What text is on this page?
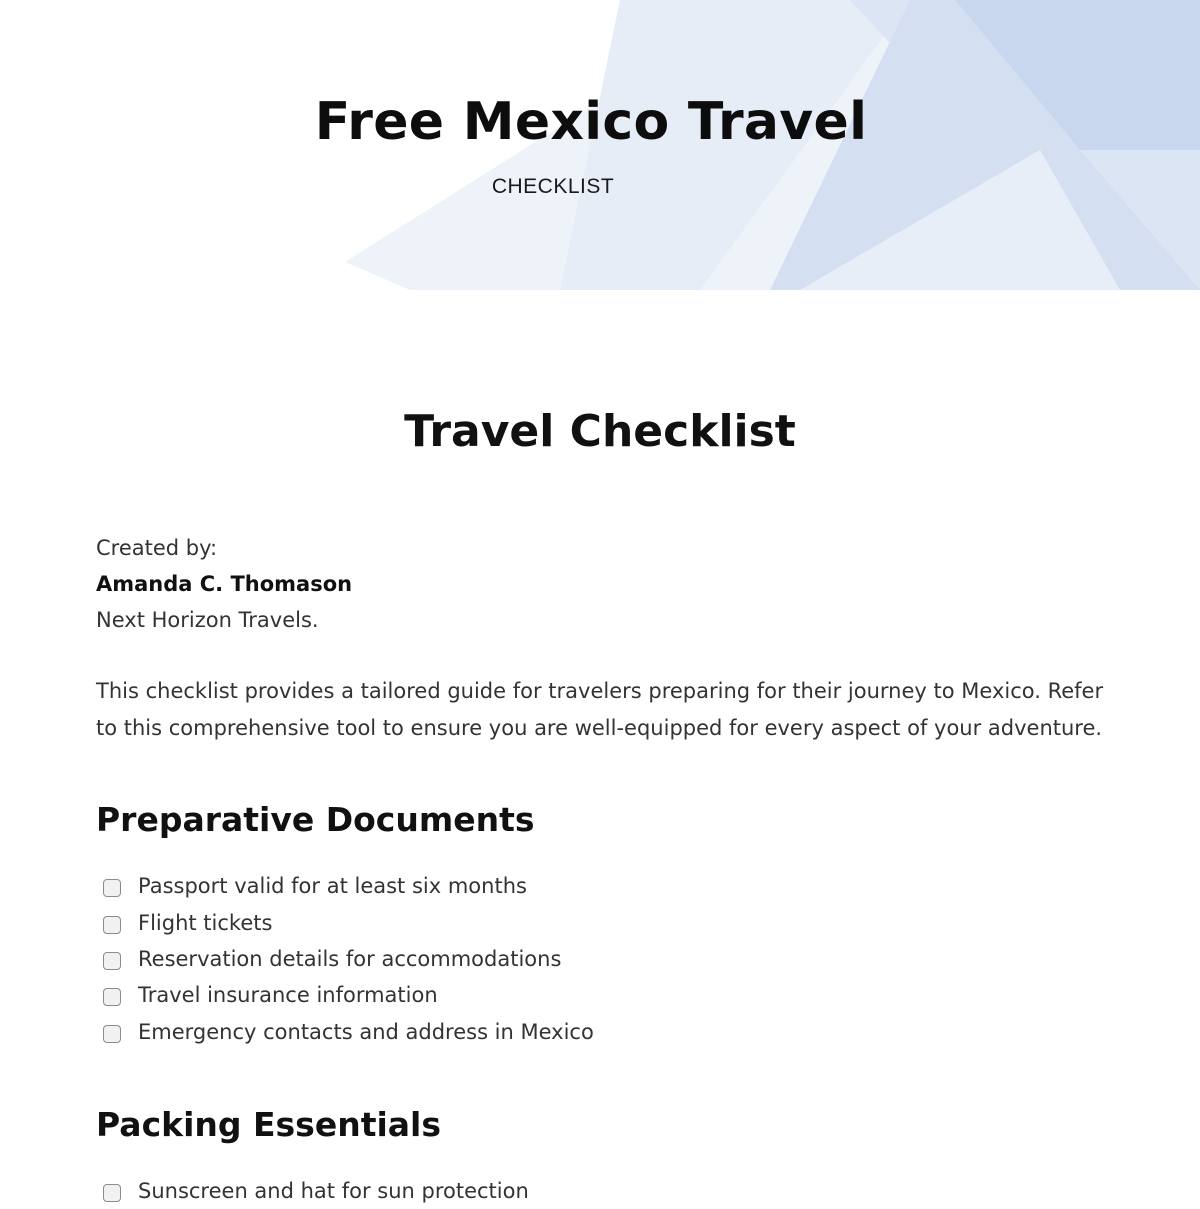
Free Mexico Travel
CHECKLIST
Travel Checklist

Created by:

Amanda C. Thomason

Next Horizon Travels.

This checklist provides a tailored guide for travelers preparing for their journey to Mexico. Refer to this comprehensive tool to ensure you are well-equipped for every aspect of your adventure.

Preparative Documents
Passport valid for at least six months
Flight tickets
Reservation details for accommodations
Travel insurance information
Emergency contacts and address in Mexico
Packing Essentials
Sunscreen and hat for sun protection
